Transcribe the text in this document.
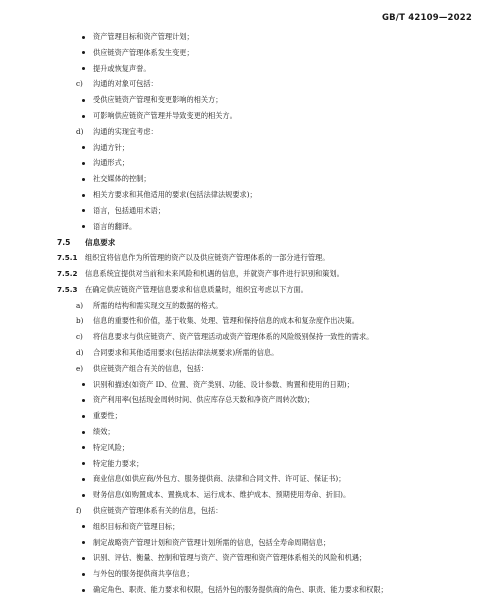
GB/T 42109—2022
资产管理目标和资产管理计划；
供应链资产管理体系发生变更；
提升或恢复声誉。
c) 沟通的对象可包括：
受供应链资产管理和变更影响的相关方；
可影响供应链资产管理并导致变更的相关方。
d) 沟通的实现宜考虑：
沟通方针；
沟通形式；
社交媒体的控制；
相关方要求和其他适用的要求(包括法律法规要求)；
语言，包括通用术语；
语言的翻译。
7.5 信息要求
7.5.1 组织宜将信息作为所管理的资产以及供应链资产管理体系的一部分进行管理。
7.5.2 信息系统宜提供对当前和未来风险和机遇的信息，并就资产事件进行识别和策划。
7.5.3 在确定供应链资产管理信息要求和信息质量时，组织宜考虑以下方面。
a) 所需的结构和需实现交互的数据的格式。
b) 信息的重要性和价值，基于收集、处理、管理和保持信息的成本和复杂度作出决策。
c) 将信息要求与供应链资产、资产管理活动或资产管理体系的风险级别保持一致性的需求。
d) 合同要求和其他适用要求(包括法律法规要求)所需的信息。
e) 供应链资产组合有关的信息，包括：
识别和描述(如资产 ID、位置、资产类别、功能、设计参数、购置和使用的日期)；
资产利用率(包括现金周转时间、供应库存总天数和净资产周转次数)；
重要性；
绩效；
特定风险；
特定能力要求；
商业信息(如供应商/外包方、服务提供商、法律和合同文件、许可证、保证书)；
财务信息(如购置成本、置换成本、运行成本、维护成本、预期使用寿命、折旧)。
f) 供应链资产管理体系有关的信息，包括：
组织目标和资产管理目标；
制定战略资产管理计划和资产管理计划所需的信息，包括全寿命周期信息；
识别、评估、衡量、控制和管理与资产、资产管理和资产管理体系相关的风险和机遇；
与外包的服务提供商共享信息；
确定角色、职责、能力要求和权限，包括外包的服务提供商的角色、职责、能力要求和权限；
